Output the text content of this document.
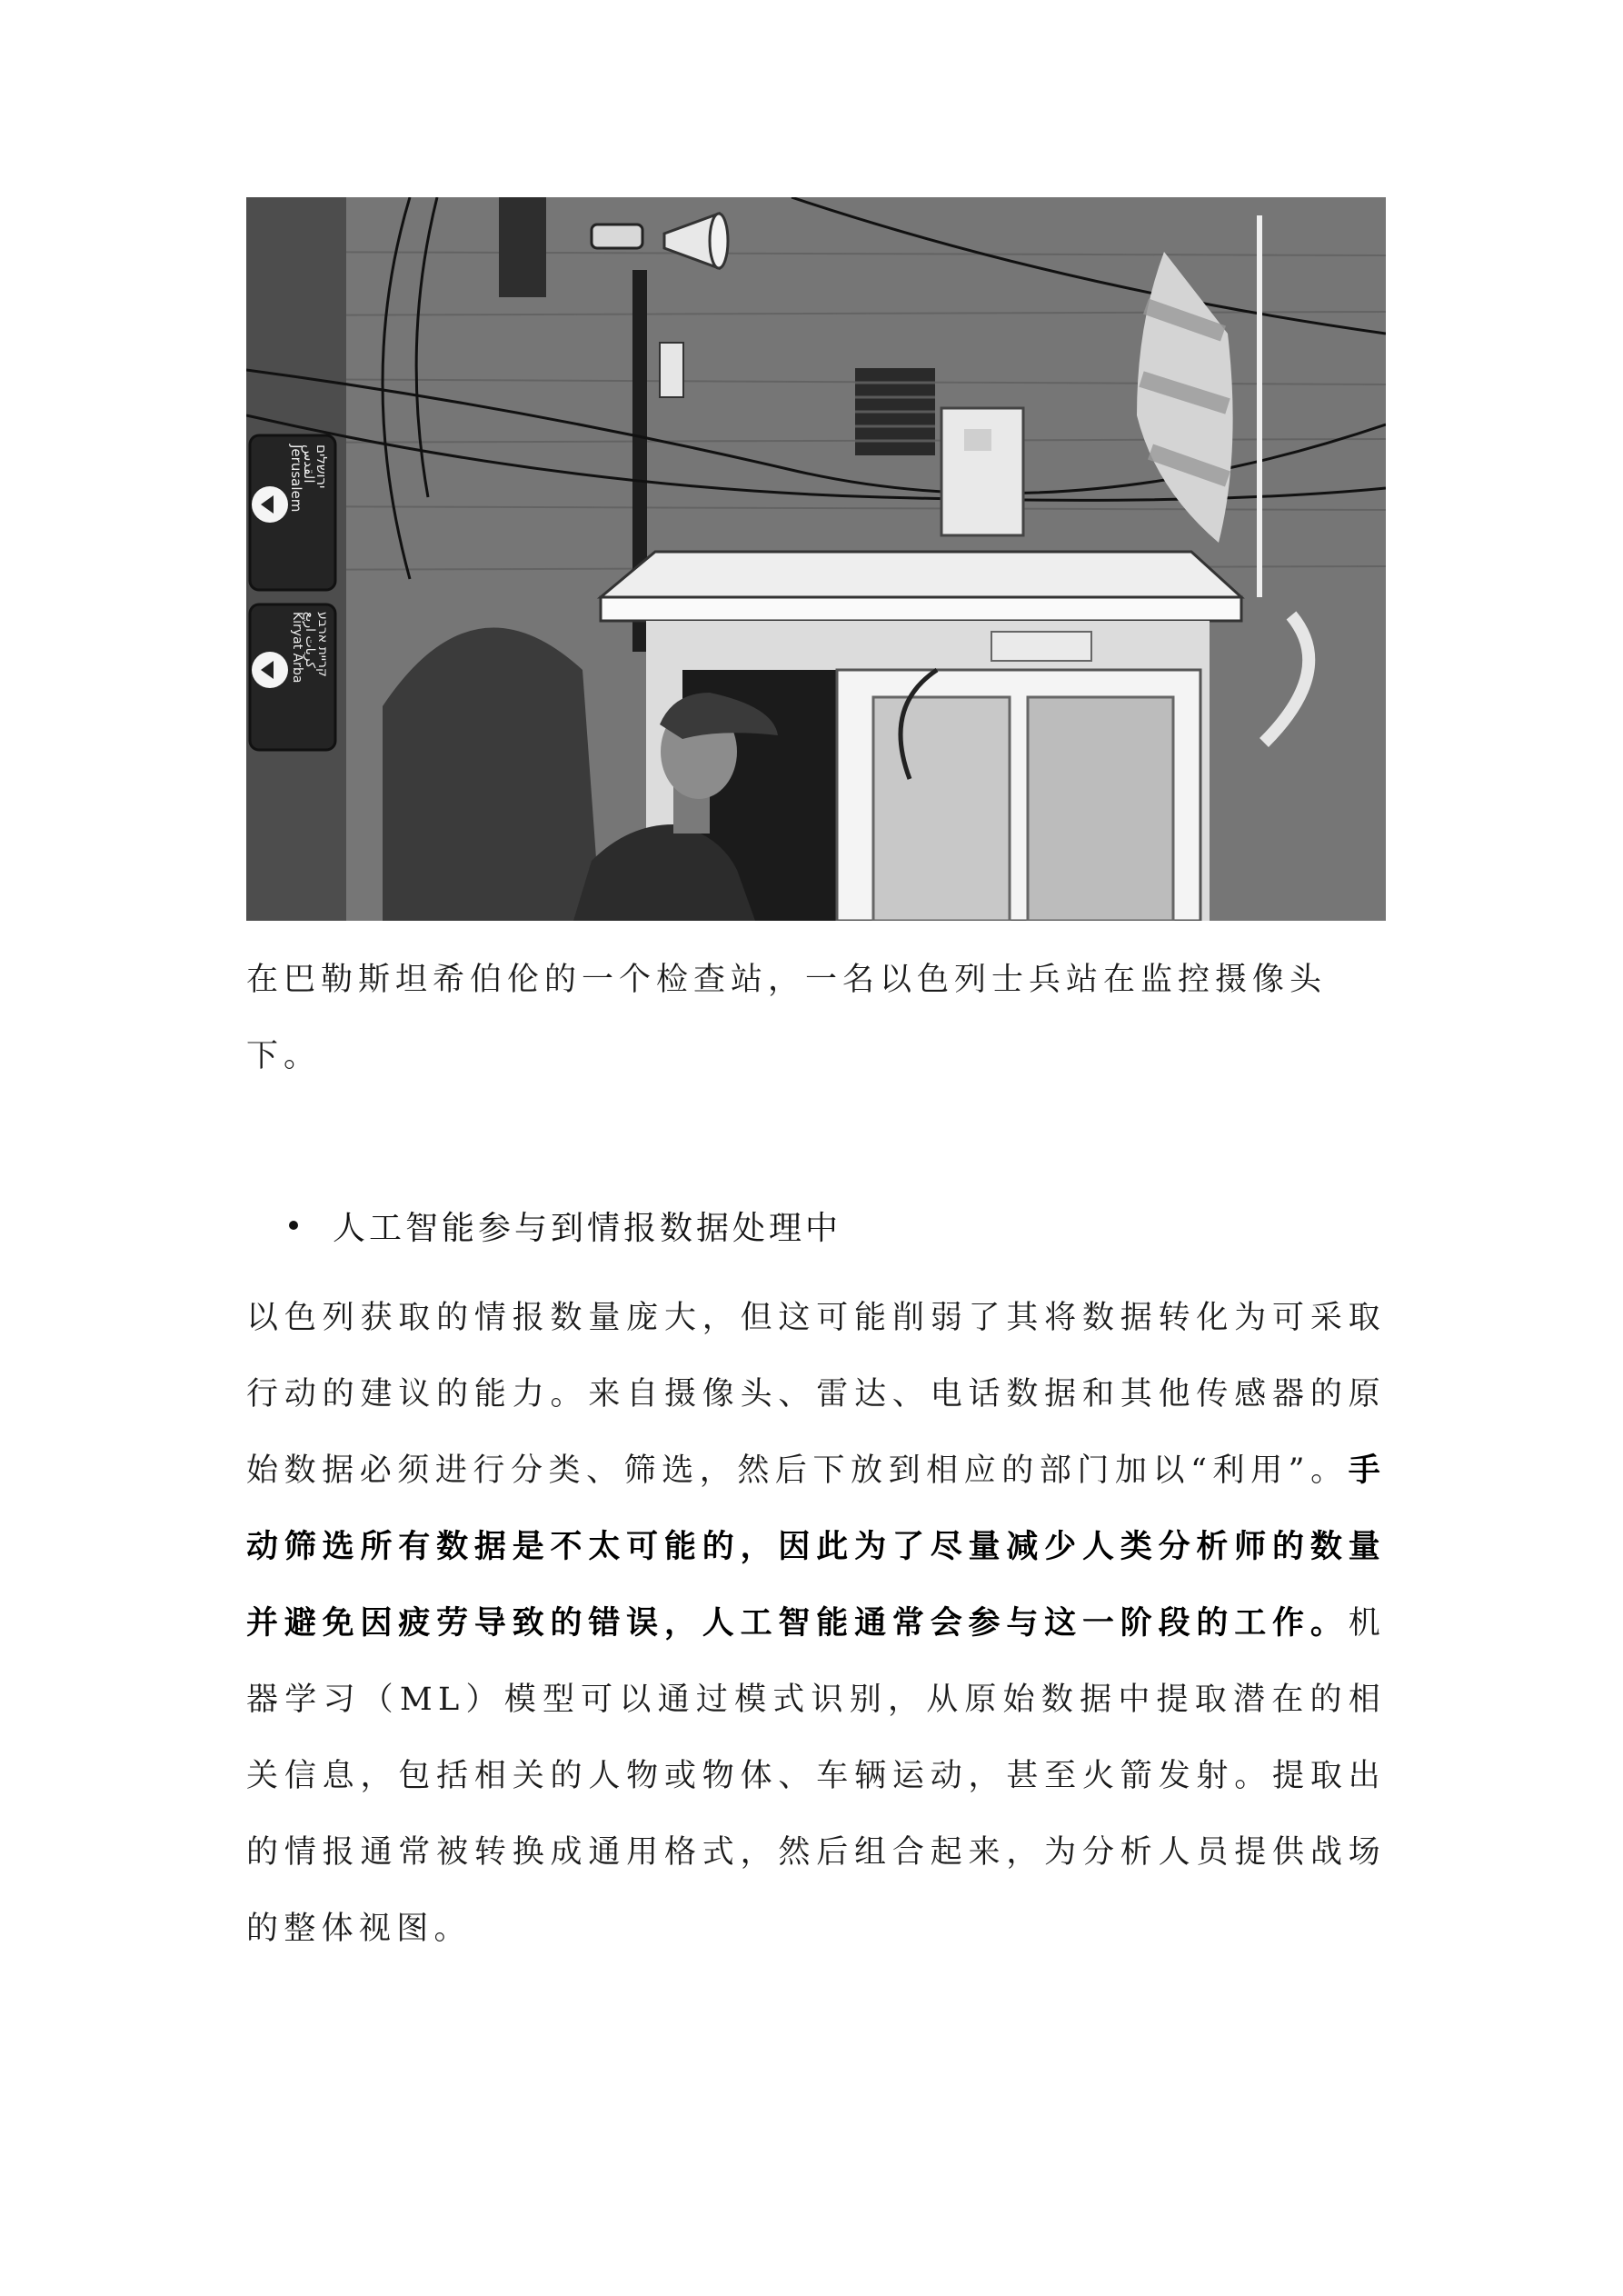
ירושלים
القدس
Jerusalem
קריית ארבע
كريات اربع
Kiryat Arba
在巴勒斯坦希伯伦的一个检查站，一名以色列士兵站在监控摄像头下。
人工智能参与到情报数据处理中
以色列获取的情报数量庞大，但这可能削弱了其将数据转化为可采取行动的建议的能力。来自摄像头、雷达、电话数据和其他传感器的原始数据必须进行分类、筛选，然后下放到相应的部门加以“利用”。手动筛选所有数据是不太可能的，因此为了尽量减少人类分析师的数量并避免因疲劳导致的错误，人工智能通常会参与这一阶段的工作。机器学习（ML）模型可以通过模式识别，从原始数据中提取潜在的相关信息，包括相关的人物或物体、车辆运动，甚至火箭发射。提取出的情报通常被转换成通用格式，然后组合起来，为分析人员提供战场的整体视图。
